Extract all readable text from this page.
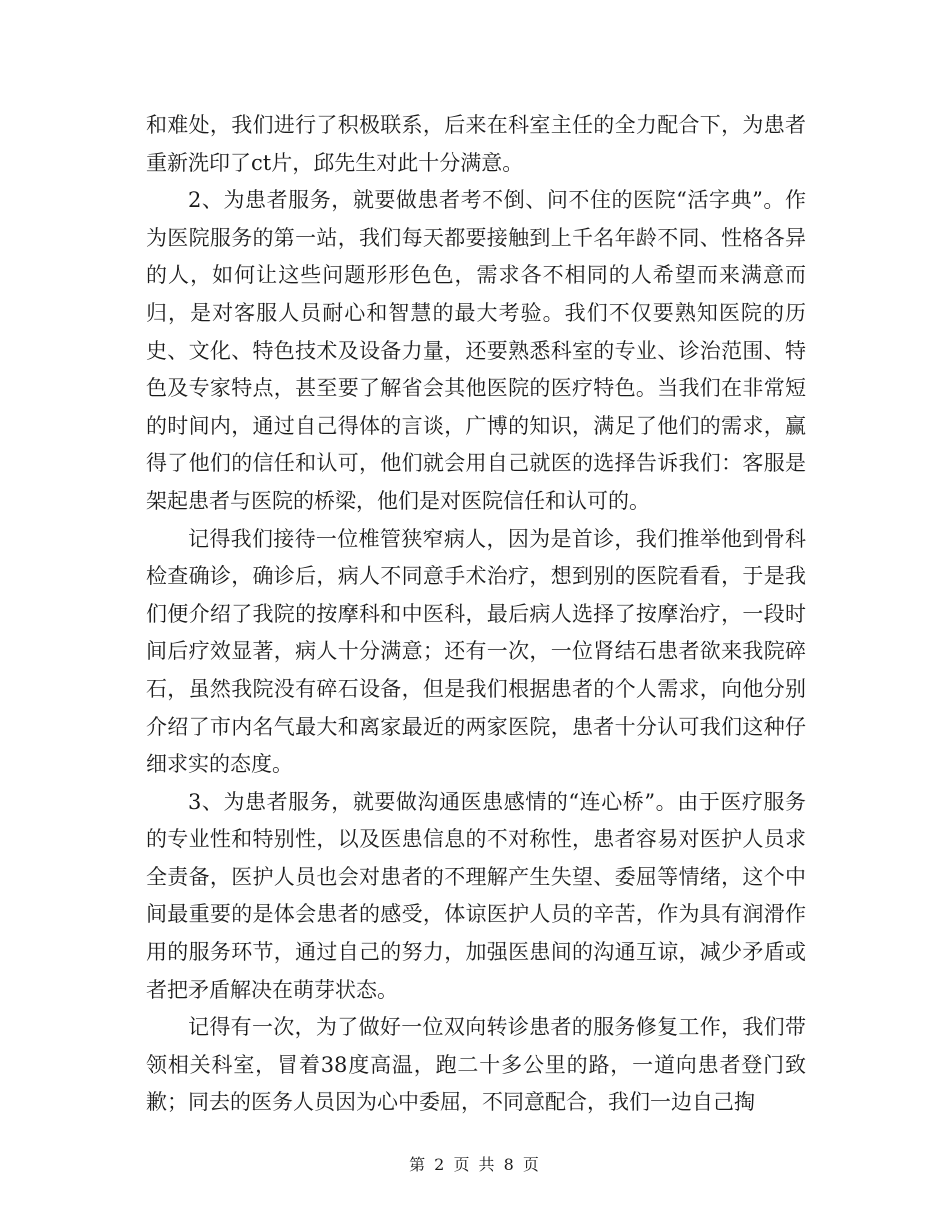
和难处，我们进行了积极联系，后来在科室主任的全力配合下，为患者重新洗印了ct片，邱先生对此十分满意。

2、为患者服务，就要做患者考不倒、问不住的医院“活字典”。作为医院服务的第一站，我们每天都要接触到上千名年龄不同、性格各异的人，如何让这些问题形形色色，需求各不相同的人希望而来满意而归，是对客服人员耐心和智慧的最大考验。我们不仅要熟知医院的历史、文化、特色技术及设备力量，还要熟悉科室的专业、诊治范围、特色及专家特点，甚至要了解省会其他医院的医疗特色。当我们在非常短的时间内，通过自己得体的言谈，广博的知识，满足了他们的需求，赢得了他们的信任和认可，他们就会用自己就医的选择告诉我们：客服是架起患者与医院的桥梁，他们是对医院信任和认可的。

记得我们接待一位椎管狭窄病人，因为是首诊，我们推举他到骨科检查确诊，确诊后，病人不同意手术治疗，想到别的医院看看，于是我们便介绍了我院的按摩科和中医科，最后病人选择了按摩治疗，一段时间后疗效显著，病人十分满意；还有一次，一位肾结石患者欲来我院碎石，虽然我院没有碎石设备，但是我们根据患者的个人需求，向他分别介绍了市内名气最大和离家最近的两家医院，患者十分认可我们这种仔细求实的态度。

3、为患者服务，就要做沟通医患感情的“连心桥”。由于医疗服务的专业性和特别性，以及医患信息的不对称性，患者容易对医护人员求全责备，医护人员也会对患者的不理解产生失望、委屈等情绪，这个中间最重要的是体会患者的感受，体谅医护人员的辛苦，作为具有润滑作用的服务环节，通过自己的努力，加强医患间的沟通互谅，减少矛盾或者把矛盾解决在萌芽状态。

记得有一次，为了做好一位双向转诊患者的服务修复工作，我们带领相关科室，冒着38度高温，跑二十多公里的路，一道向患者登门致歉；同去的医务人员因为心中委屈，不同意配合，我们一边自己掏

第 2 页 共 8 页
